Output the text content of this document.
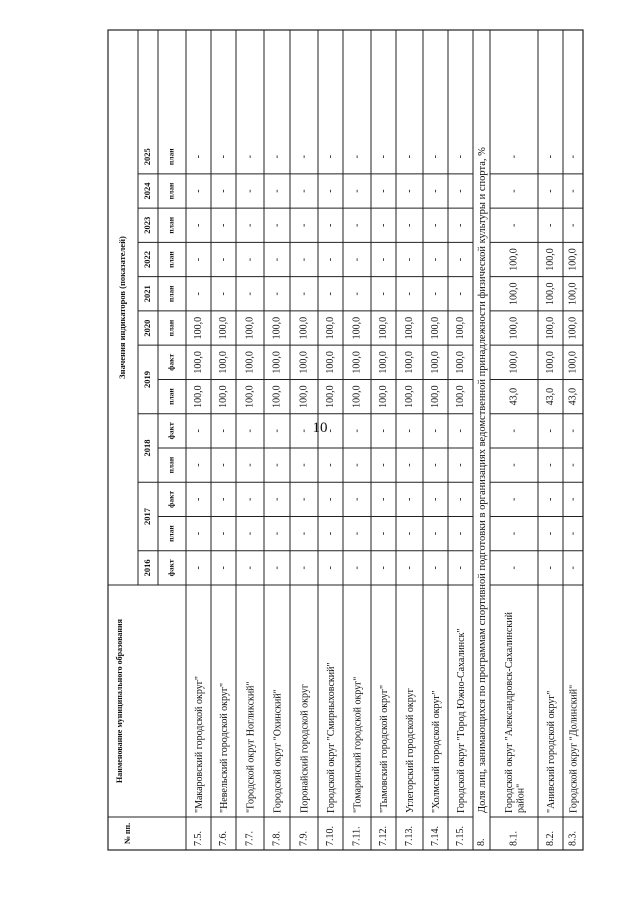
10
№ пп.
Наименование муниципального образования
Значения индикаторов (показателей)
2016
2017
2018
2019
2020
2021
2022
2023
2024
2025
факт
план
факт
план
факт
план
факт
план
план
план
план
план
план
7.5.
"Макаровский городской округ"
-
-
-
-
-
100,0
100,0
100,0
-
-
-
-
-
7.6.
"Невельский городской округ"
-
-
-
-
-
100,0
100,0
100,0
-
-
-
-
-
7.7.
"Городской округ Ногликский"
-
-
-
-
-
100,0
100,0
100,0
-
-
-
-
-
7.8.
Городской округ "Охинский"
-
-
-
-
-
100,0
100,0
100,0
-
-
-
-
-
7.9.
Поронайский городской округ
-
-
-
-
-
100,0
100,0
100,0
-
-
-
-
-
7.10.
Городской округ "Смирныховский"
-
-
-
-
-
100,0
100,0
100,0
-
-
-
-
-
7.11.
"Томаринский городской округ"
-
-
-
-
-
100,0
100,0
100,0
-
-
-
-
-
7.12.
"Тымовский городской округ"
-
-
-
-
-
100,0
100,0
100,0
-
-
-
-
-
7.13.
Углегорский городской округ
-
-
-
-
-
100,0
100,0
100,0
-
-
-
-
-
7.14.
"Холмский городской округ"
-
-
-
-
-
100,0
100,0
100,0
-
-
-
-
-
7.15.
Городской округ "Город Южно-Сахалинск"
-
-
-
-
-
100,0
100,0
100,0
-
-
-
-
-
8.
Доля лиц, занимающихся по программам спортивной подготовки в организациях ведомственной принадлежности физической культуры и спорта, %
8.1.
Городской округ "Александровск-Сахалинскийрайон"
-
-
-
-
-
43,0
100,0
100,0
100,0
100,0
-
-
-
8.2.
"Анивский городской округ"
-
-
-
-
-
43,0
100,0
100,0
100,0
100,0
-
-
-
8.3.
Городской округ "Долинский"
-
-
-
-
-
43,0
100,0
100,0
100,0
100,0
-
-
-
